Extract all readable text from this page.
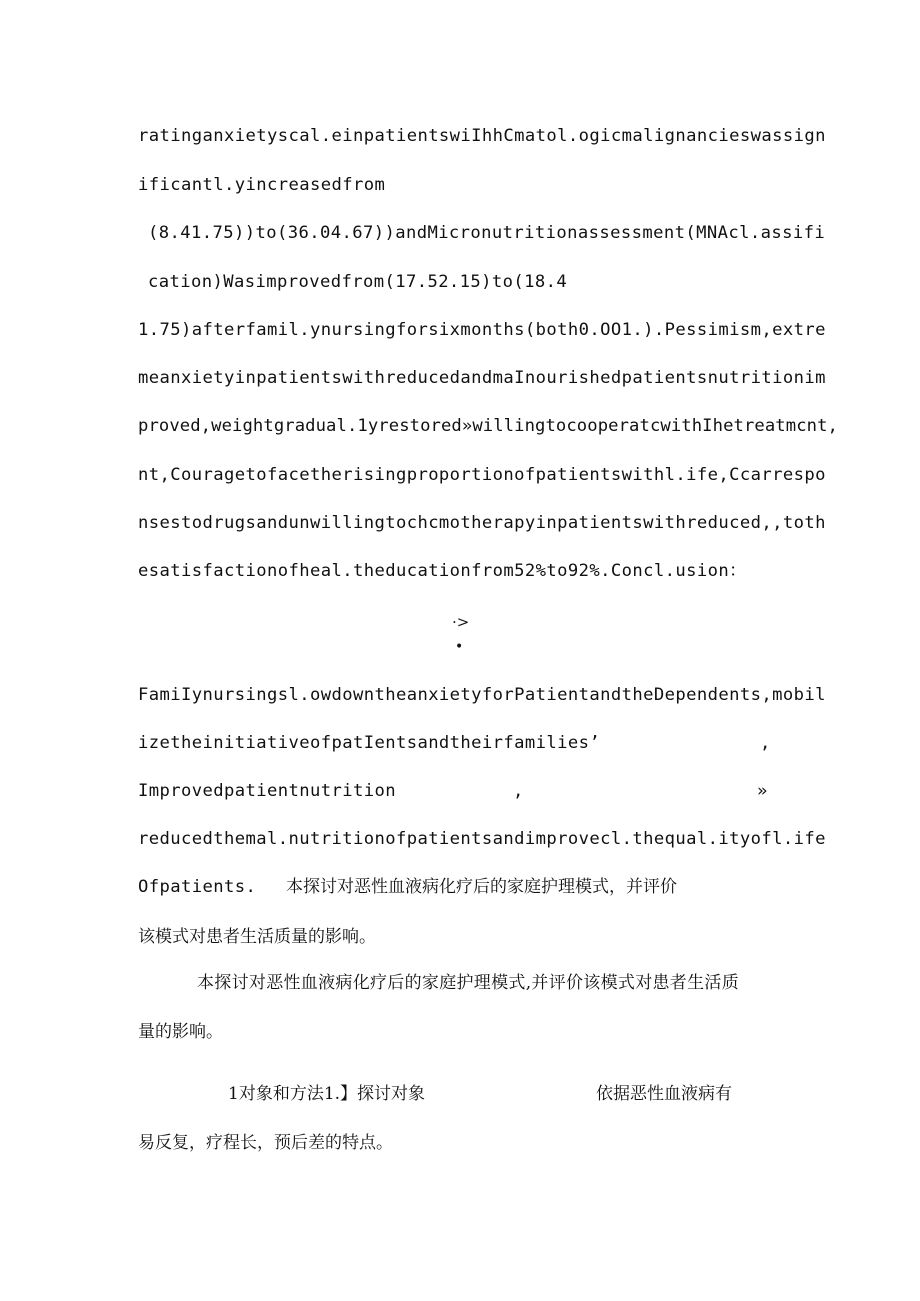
ratinganxietyscal.einpatientswiIhhCmatol.ogicmalignancieswassign
ificantl.yincreasedfrom
(8.41.75))to(36.04.67))andMicronutritionassessment(MNAcl.assifi
cation)Wasimprovedfrom(17.52.15)to(18.4
1.75)afterfamil.ynursingforsixmonths(both0.OO1.).Pessimism,extre
meanxietyinpatientswithreducedandmaInourishedpatientsnutritionim
proved,weightgradual.1yrestored»willingtocooperatcwithIhetreatmcnt,
nt,Couragetofacetherisingproportionofpatientswithl.ife,Ccarrespo
nsestodrugsandunwillingtochcmotherapyinpatientswithreduced,,toth
esatisfactionofheal.theducationfrom52%to92%.Concl.usion：
·>
•
FamiIynursingsl.owdowntheanxietyforPatientandtheDependents,mobil
izetheinitiativeofpatIentsandtheirfamilies’	,
Improvedpatientnutrition	,	»
reducedthemal.nutritionofpatientsandimprovecl.thequal.ityofl.ife
Ofpatients. 本探讨对恶性血液病化疗后的家庭护理模式，并评价
该模式对患者生活质量的影响。
本探讨对恶性血液病化疗后的家庭护理模式,并评价该模式对患者生活质
量的影响。
1对象和方法1.】探讨对象	依据恶性血液病有
易反复，疗程长，预后差的特点。
